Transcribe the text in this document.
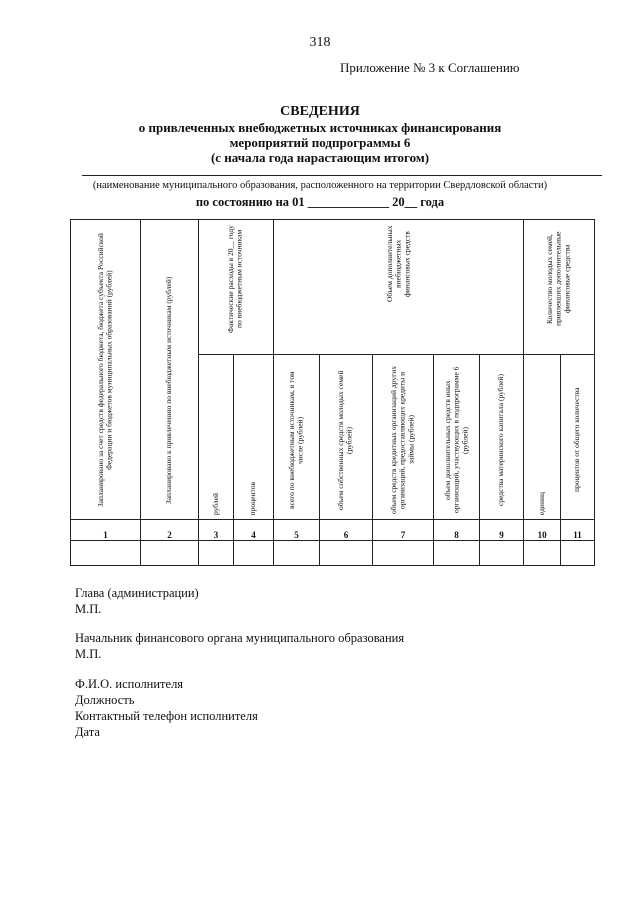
318
Приложение № 3 к Соглашению
СВЕДЕНИЯ
о привлеченных внебюджетных источниках финансирования
мероприятий подпрограммы 6
(с начала года нарастающим итогом)
(наименование муниципального образования, расположенного на территории Свердловской области)
по состоянию на 01 _____________ 20__ года
Запланировано за счет средств федерального бюджета, бюджета субъекта Российской Федерации и бюджетов муниципальных образований (рублей)	Запланировано к привлечению по внебюджетным источникам (рублей)	Фактические расходы в 20__ году по внебюджетным источникам		Объем дополнительных внебюджетных финансовых средств					Количество молодых семей, привлекших дополнительные финансовые средства	

		рублей	процентов	всего по внебюджетным источникам, в том числе (рублей)	объем собственных средств молодых семей (рублей)	объем средств кредитных организаций других организаций, предоставляющих кредиты и займы (рублей)	объем дополнительных средств иных организаций, участвующих в подпрограмме 6 (рублей)	средства материнского капитала (рублей)	единиц	процентов от общего количества

1	2	3	4	5	6	7	8	9	10	11

Глава (администрации)
М.П.
Начальник финансового органа муниципального образования
М.П.
Ф.И.О. исполнителя
Должность
Контактный телефон исполнителя
Дата
